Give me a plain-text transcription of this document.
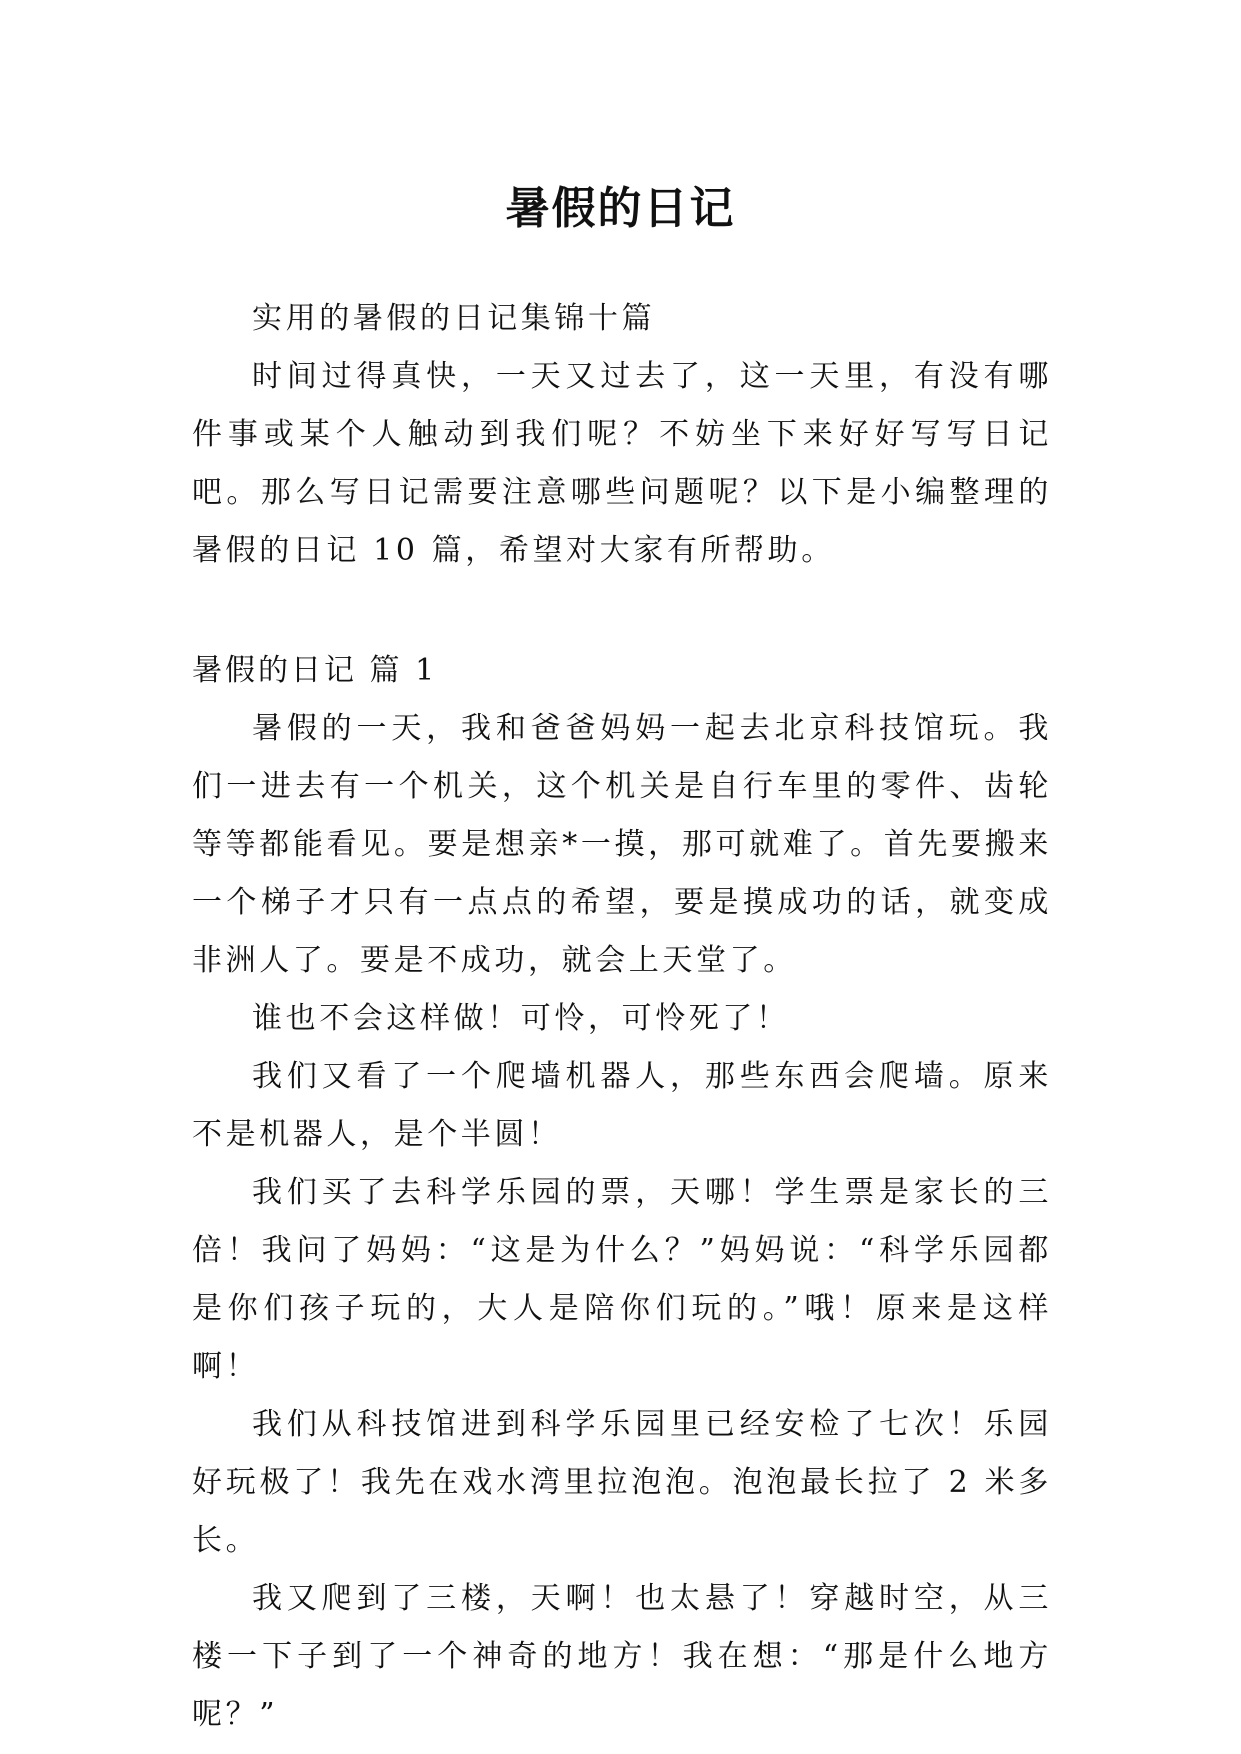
暑假的日记

实用的暑假的日记集锦十篇

时间过得真快，一天又过去了，这一天里，有没有哪件事或某个人触动到我们呢？不妨坐下来好好写写日记吧。那么写日记需要注意哪些问题呢？以下是小编整理的暑假的日记 10 篇，希望对大家有所帮助。

暑假的日记 篇 1

暑假的一天，我和爸爸妈妈一起去北京科技馆玩。我们一进去有一个机关，这个机关是自行车里的零件、齿轮等等都能看见。要是想亲*一摸，那可就难了。首先要搬来一个梯子才只有一点点的希望，要是摸成功的话，就变成非洲人了。要是不成功，就会上天堂了。

谁也不会这样做！可怜，可怜死了！

我们又看了一个爬墙机器人，那些东西会爬墙。原来不是机器人，是个半圆！

我们买了去科学乐园的票，天哪！学生票是家长的三倍！我问了妈妈：“这是为什么？”妈妈说：“科学乐园都是你们孩子玩的，大人是陪你们玩的。”哦！原来是这样啊！

我们从科技馆进到科学乐园里已经安检了七次！乐园好玩极了！我先在戏水湾里拉泡泡。泡泡最长拉了 2 米多长。

我又爬到了三楼，天啊！也太悬了！穿越时空，从三楼一下子到了一个神奇的地方！我在想：“那是什么地方呢？”
